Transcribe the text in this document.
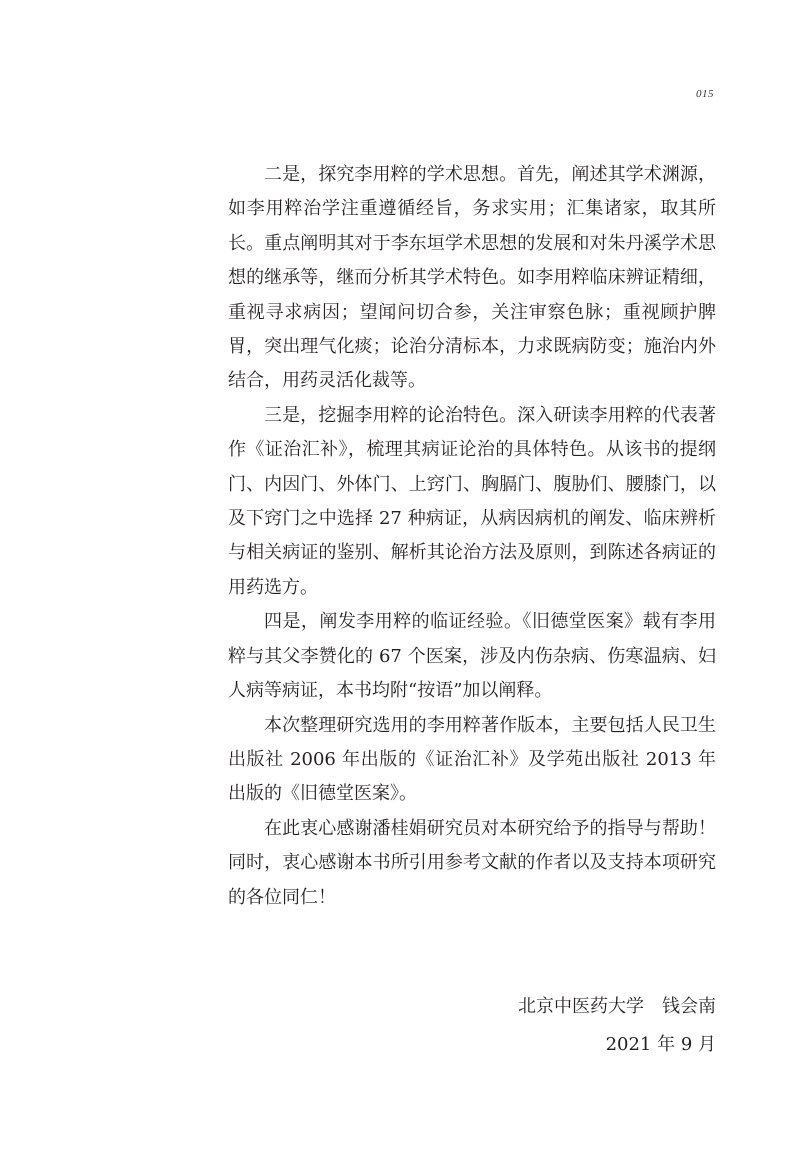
015

二是，探究李用粹的学术思想。首先，阐述其学术渊源，如李用粹治学注重遵循经旨，务求实用；汇集诸家，取其所长。重点阐明其对于李东垣学术思想的发展和对朱丹溪学术思想的继承等，继而分析其学术特色。如李用粹临床辨证精细，重视寻求病因；望闻问切合参，关注审察色脉；重视顾护脾胃，突出理气化痰；论治分清标本，力求既病防变；施治内外结合，用药灵活化裁等。

三是，挖掘李用粹的论治特色。深入研读李用粹的代表著作《证治汇补》，梳理其病证论治的具体特色。从该书的提纲门、内因门、外体门、上窍门、胸膈门、腹胁们、腰膝门，以及下窍门之中选择 27 种病证，从病因病机的阐发、临床辨析与相关病证的鉴别、解析其论治方法及原则，到陈述各病证的用药选方。

四是，阐发李用粹的临证经验。《旧德堂医案》载有李用粹与其父李赞化的 67 个医案，涉及内伤杂病、伤寒温病、妇人病等病证，本书均附“按语”加以阐释。

本次整理研究选用的李用粹著作版本，主要包括人民卫生出版社 2006 年出版的《证治汇补》及学苑出版社 2013 年出版的《旧德堂医案》。

在此衷心感谢潘桂娟研究员对本研究给予的指导与帮助！同时，衷心感谢本书所引用参考文献的作者以及支持本项研究的各位同仁！

北京中医药大学　钱会南
2021 年 9 月
